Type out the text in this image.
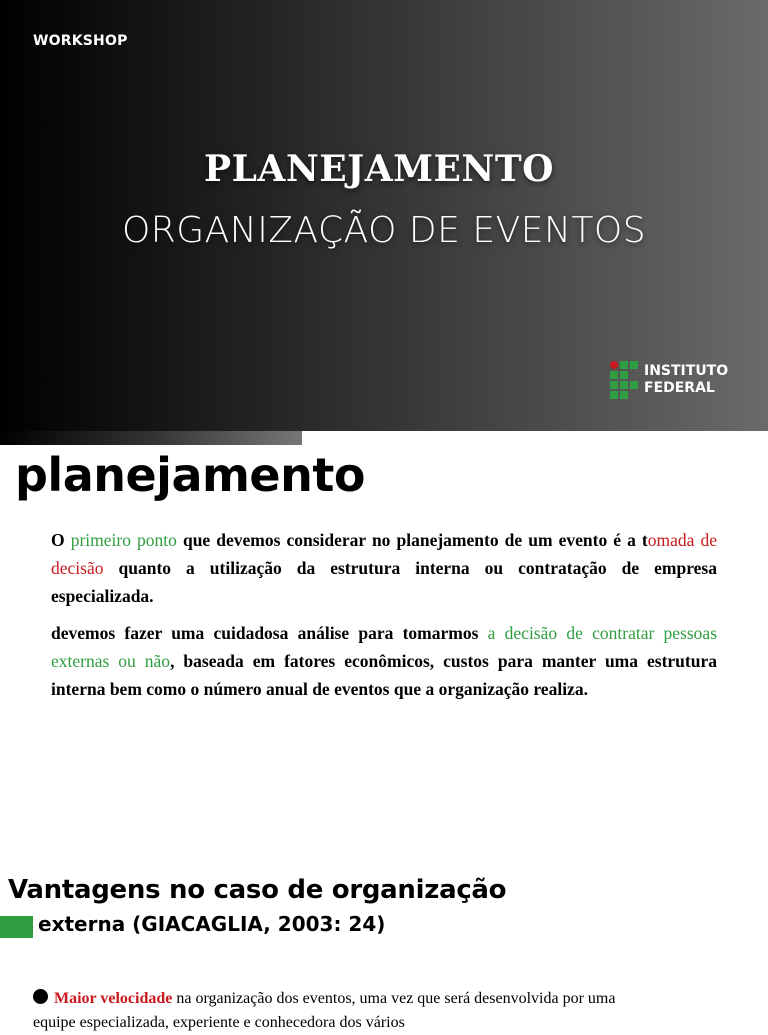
WORKSHOP
PLANEJAMENTO
ORGANIZAÇÃO DE EVENTOS
INSTITUTO
FEDERAL
planejamento

O primeiro ponto que devemos considerar no planejamento de um evento é a tomada de decisão quanto a utilização da estrutura interna ou contratação de empresa especializada.

devemos fazer uma cuidadosa análise para tomarmos a decisão de contratar pessoas externas ou não, baseada em fatores econômicos, custos para manter uma estrutura interna bem como o número anual de eventos que a organização realiza.

Vantagens no caso de organização
externa (GIACAGLIA, 2003: 24)

Maior velocidade na organização dos eventos, uma vez que será desenvolvida por uma equipe especializada, experiente e conhecedora dos vários
